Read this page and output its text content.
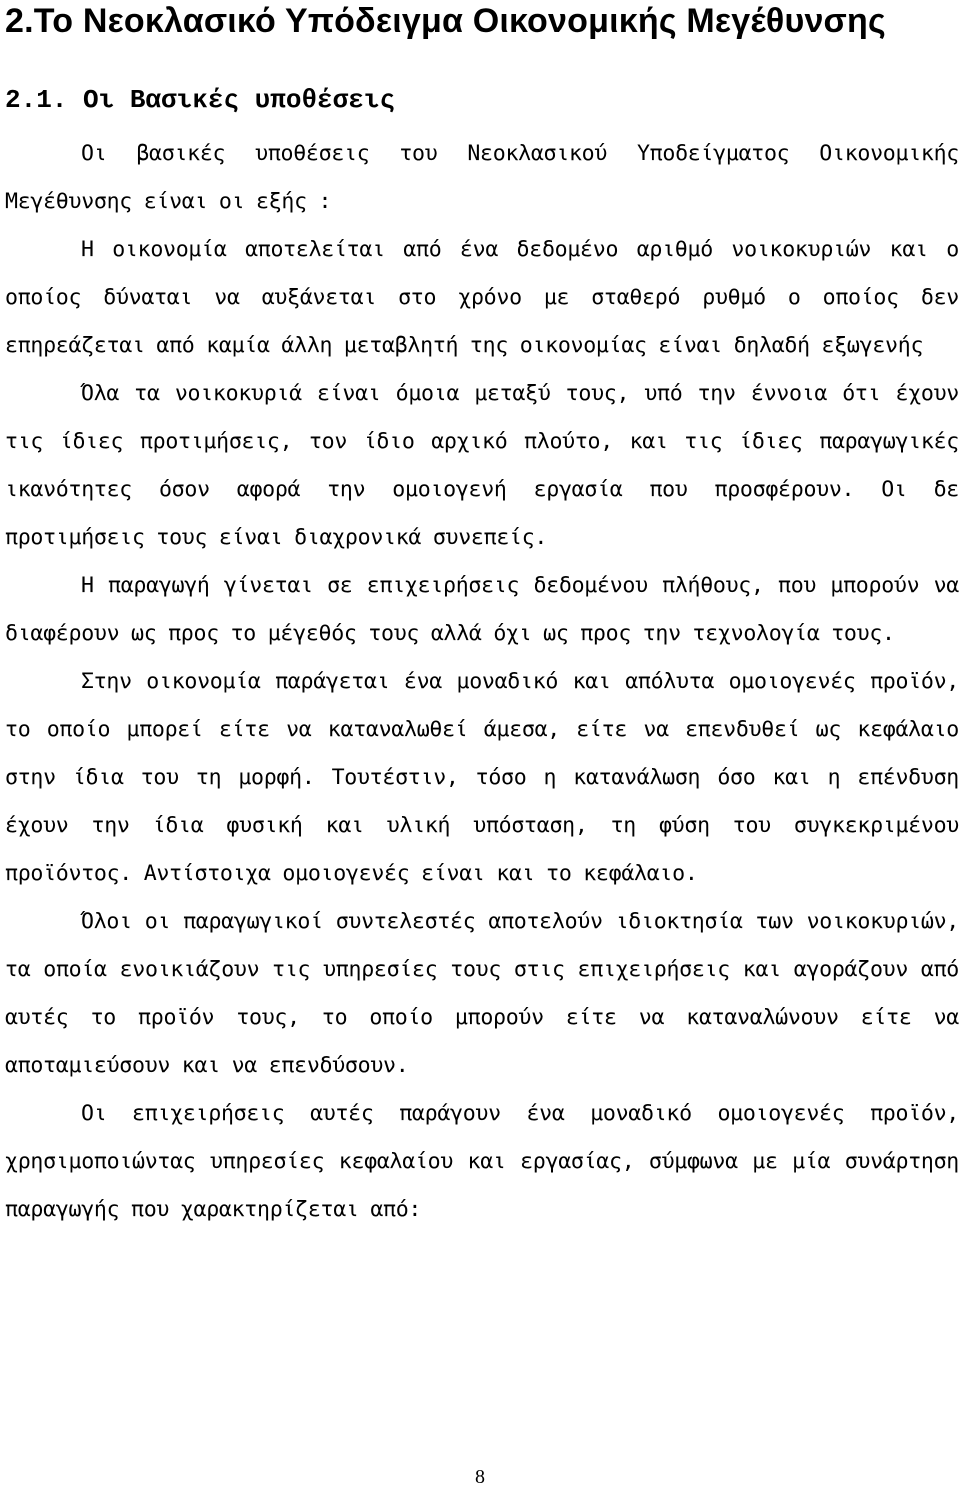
2.Το Νεοκλασικό Υπόδειγμα Οικονομικής Μεγέθυνσης
2.1. Οι Βασικές υποθέσεις

Οι βασικές υποθέσεις του Νεοκλασικού Υποδείγματος Οικονομικής Μεγέθυνσης είναι οι εξής :

Η οικονομία αποτελείται από ένα δεδομένο αριθμό νοικοκυριών και ο οποίος δύναται να αυξάνεται στο χρόνο με σταθερό ρυθμό ο οποίος δεν επηρεάζεται από καμία άλλη μεταβλητή της οικονομίας είναι δηλαδή εξωγενής

Όλα τα νοικοκυριά είναι όμοια μεταξύ τους, υπό την έννοια ότι έχουν τις ίδιες προτιμήσεις, τον ίδιο αρχικό πλούτο, και τις ίδιες παραγωγικές ικανότητες όσον αφορά την ομοιογενή εργασία που προσφέρουν. Οι δε προτιμήσεις τους είναι διαχρονικά συνεπείς.

Η παραγωγή γίνεται σε επιχειρήσεις δεδομένου πλήθους, που μπορούν να διαφέρουν ως προς το μέγεθός τους αλλά όχι ως προς την τεχνολογία τους.

Στην οικονομία παράγεται ένα μοναδικό και απόλυτα ομοιογενές προϊόν, το οποίο μπορεί είτε να καταναλωθεί άμεσα, είτε να επενδυθεί ως κεφάλαιο στην ίδια του τη μορφή. Τουτέστιν, τόσο η κατανάλωση όσο και η επένδυση έχουν την ίδια φυσική και υλική υπόσταση, τη φύση του συγκεκριμένου προϊόντος. Αντίστοιχα ομοιογενές είναι και το κεφάλαιο.

Όλοι οι παραγωγικοί συντελεστές αποτελούν ιδιοκτησία των νοικοκυριών, τα οποία ενοικιάζουν τις υπηρεσίες τους στις επιχειρήσεις και αγοράζουν από αυτές το προϊόν τους, το οποίο μπορούν είτε να καταναλώνουν είτε να αποταμιεύσουν και να επενδύσουν.

Οι επιχειρήσεις αυτές παράγουν ένα μοναδικό ομοιογενές προϊόν, χρησιμοποιώντας υπηρεσίες κεφαλαίου και εργασίας, σύμφωνα με μία συνάρτηση παραγωγής που χαρακτηρίζεται από:

8
